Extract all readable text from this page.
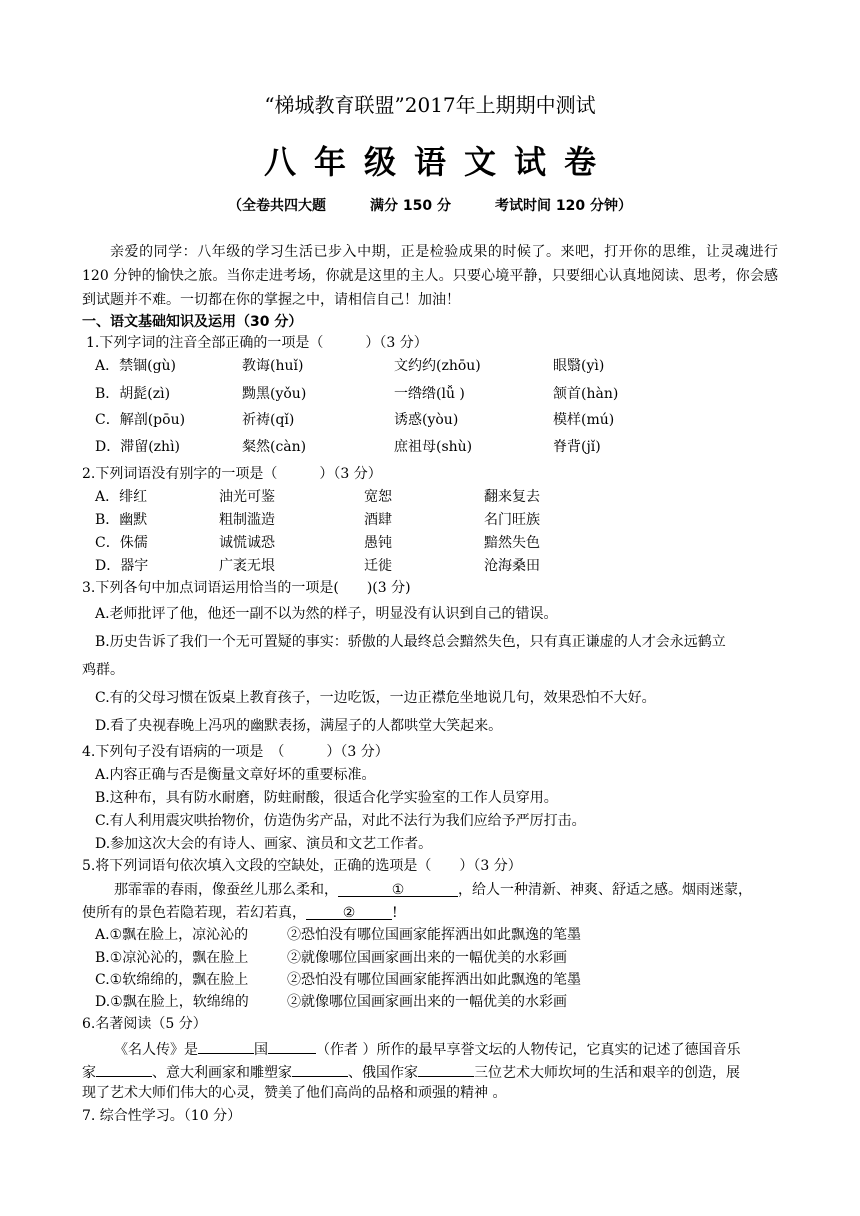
“梯城教育联盟”2017年上期期中测试
八年级语文试卷
（全卷共四大题	满分 150 分	考试时间 120 分钟）
亲爱的同学：八年级的学习生活已步入中期，正是检验成果的时候了。来吧，打开你的思维，让灵魂进行 120 分钟的愉快之旅。当你走进考场，你就是这里的主人。只要心境平静，只要细心认真地阅读、思考，你会感到试题并不难。一切都在你的掌握之中，请相信自己！加油！
一、语文基础知识及运用（30 分）
1.下列字词的注音全部正确的一项是（　　　）（3 分）
A．禁锢(gù)	教诲(huǐ)	文约约(zhōu)	眼翳(yì)
B．胡髭(zì)	黝黑(yǒu)	一绺绺(lǚ )	颔首(hàn)
C．解剖(pōu)	祈祷(qǐ)	诱惑(yòu)	模样(mú)
D．滞留(zhì)	粲然(càn)	庶祖母(shù)	脊背(jǐ)
2.下列词语没有别字的一项是（　　　）（3 分）
A．绯红	油光可鉴	宽恕	翻来复去
B．幽默	粗制滥造	酒肆	名门旺族
C．侏儒	诚慌诚恐	愚钝	黯然失色
D．器宇	广袤无垠	迁徙	沧海桑田
3.下列各句中加点词语运用恰当的一项是(　　)(3 分)
A.老师批评了他，他还一副不以为然的样子，明显没有认识到自己的错误。
B.历史告诉了我们一个无可置疑的事实：骄傲的人最终总会黯然失色，只有真正谦虚的人才会永远鹤立
鸡群。
C.有的父母习惯在饭桌上教育孩子，一边吃饭，一边正襟危坐地说几句，效果恐怕不大好。
D.看了央视春晚上冯巩的幽默表扬，满屋子的人都哄堂大笑起来。
4.下列句子没有语病的一项是　（　　　）（3 分）
A.内容正确与否是衡量文章好坏的重要标准。
B.这种布，具有防水耐磨，防蛀耐酸，很适合化学实验室的工作人员穿用。
C.有人利用震灾哄抬物价，仿造伪劣产品，对此不法行为我们应给予严厉打击。
D.参加这次大会的有诗人、画家、演员和文艺工作者。
5.将下列词语句依次填入文段的空缺处，正确的选项是（　　）（3 分）
那霏霏的春雨，像蚕丝儿那么柔和，	①	，给人一种清新、神爽、舒适之感。烟雨迷蒙，
使所有的景色若隐若现，若幻若真，	②	!
A.①飘在脸上，凉沁沁的	②恐怕没有哪位国画家能挥洒出如此飘逸的笔墨
B.①凉沁沁的，飘在脸上	②就像哪位国画家画出来的一幅优美的水彩画
C.①软绵绵的，飘在脸上	②恐怕没有哪位国画家能挥洒出如此飘逸的笔墨
D.①飘在脸上，软绵绵的	②就像哪位国画家画出来的一幅优美的水彩画
6.名著阅读（5 分）
《名人传》是	国	（作者 ）所作的最早享誉文坛的人物传记，它真实的记述了德国音乐
家	、意大利画家和雕塑家	、俄国作家	三位艺术大师坎坷的生活和艰辛的创造，展
现了艺术大师们伟大的心灵，赞美了他们高尚的品格和顽强的精神 。
7. 综合性学习。（10 分）
